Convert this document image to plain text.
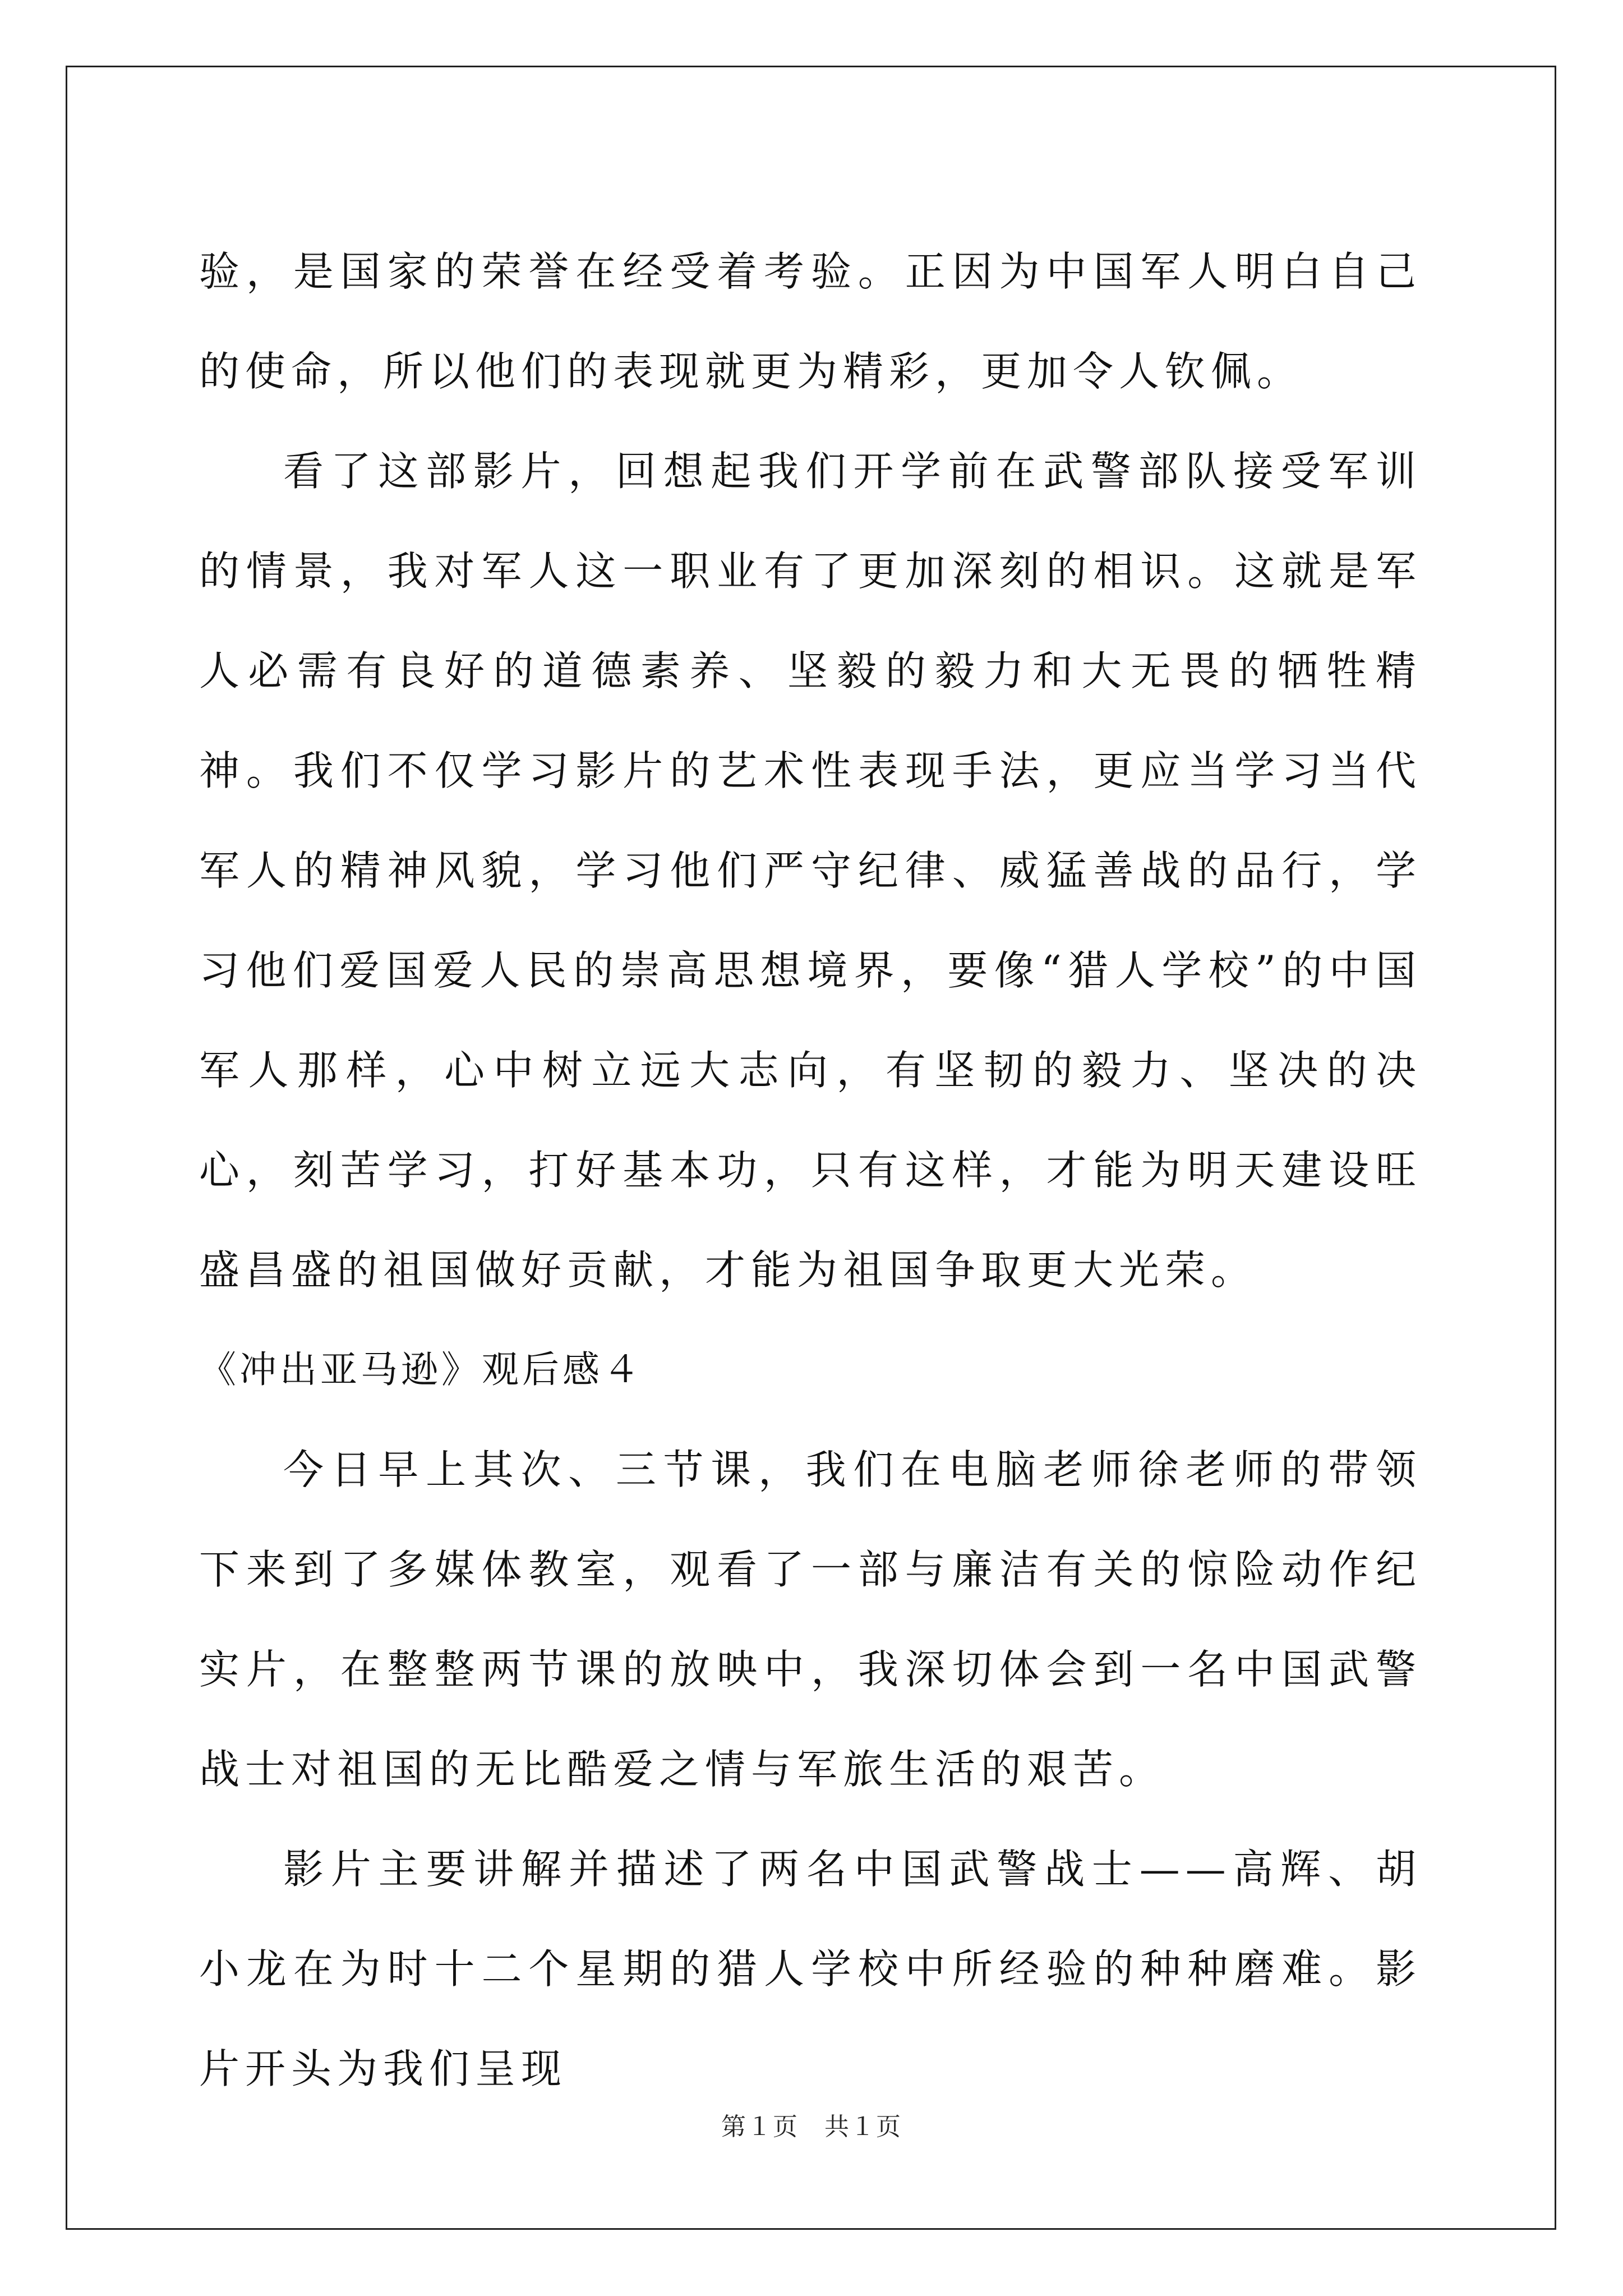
验，是国家的荣誉在经受着考验。正因为中国军人明白自己的使命，所以他们的表现就更为精彩，更加令人钦佩。

看了这部影片，回想起我们开学前在武警部队接受军训的情景，我对军人这一职业有了更加深刻的相识。这就是军人必需有良好的道德素养、坚毅的毅力和大无畏的牺牲精神。我们不仅学习影片的艺术性表现手法，更应当学习当代军人的精神风貌，学习他们严守纪律、威猛善战的品行，学习他们爱国爱人民的崇高思想境界，要像“猎人学校”的中国军人那样，心中树立远大志向，有坚韧的毅力、坚决的决心，刻苦学习，打好基本功，只有这样，才能为明天建设旺盛昌盛的祖国做好贡献，才能为祖国争取更大光荣。

《冲出亚马逊》观后感４

今日早上其次、三节课，我们在电脑老师徐老师的带领下来到了多媒体教室，观看了一部与廉洁有关的惊险动作纪实片，在整整两节课的放映中，我深切体会到一名中国武警战士对祖国的无比酷爱之情与军旅生活的艰苦。

影片主要讲解并描述了两名中国武警战士——高辉、胡小龙在为时十二个星期的猎人学校中所经验的种种磨难。影片开头为我们呈现

第１页　共１页
